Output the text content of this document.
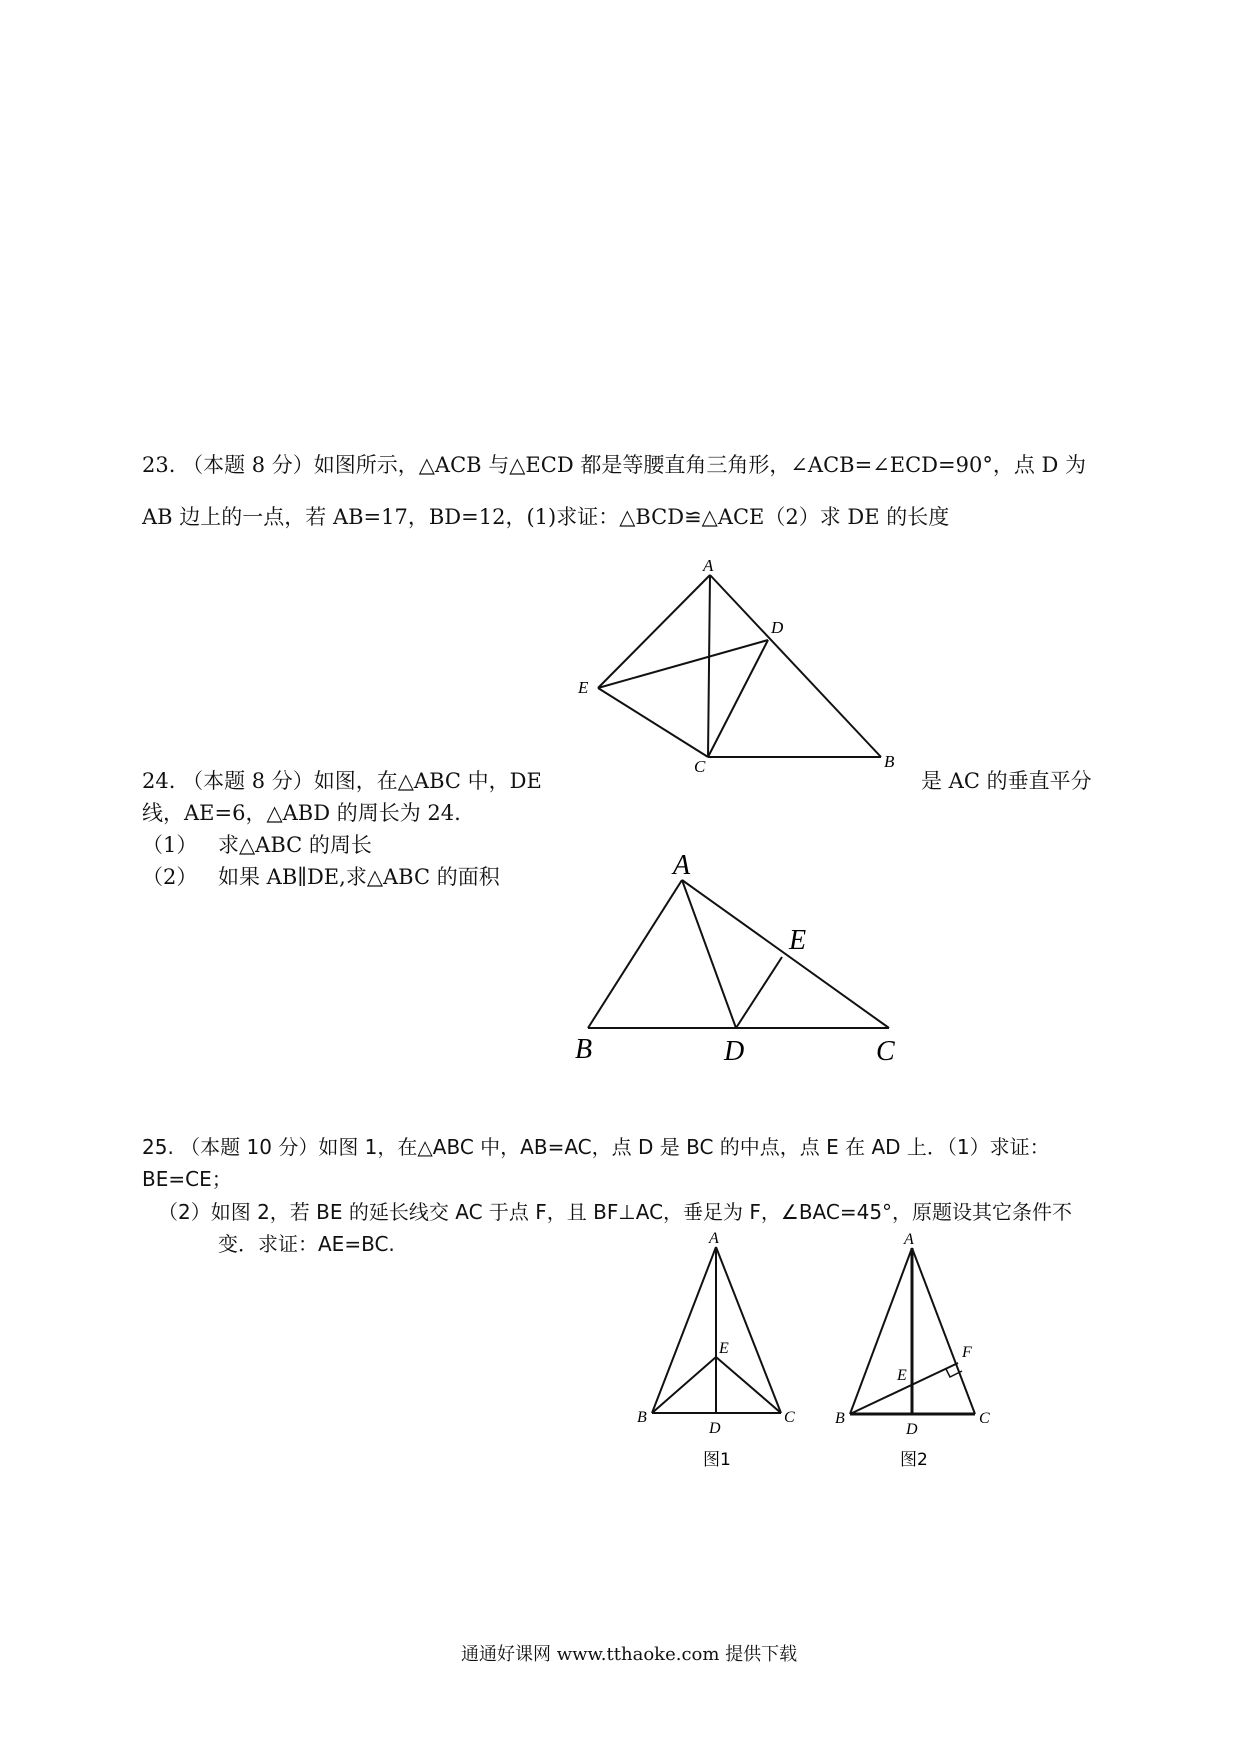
23. （本题 8 分）如图所示，△ACB 与△ECD 都是等腰直角三角形，∠ACB=∠ECD=90°，点 D 为
AB 边上的一点，若 AB=17，BD=12，(1)求证：△BCD≌△ACE（2）求 DE 的长度
A
D
E
C	B
24. （本题 8 分）如图，在△ABC 中，DE	是 AC 的垂直平分
线，AE=6，△ABD 的周长为 24.
（1） 求△ABC 的周长
（2） 如果 AB∥DE,求△ABC 的面积	A
E
B	D	C
25. （本题 10 分）如图 1，在△ABC 中，AB=AC，点 D 是 BC 的中点，点 E 在 AD 上．（1）求证：
BE=CE；
（2）如图 2，若 BE 的延长线交 AC 于点 F，且 BF⊥AC，垂足为 F，∠BAC=45°，原题设其它条件不
变．求证：AE=BC.	A
E
B	C
D
图1
A
F
E
B	C
D
图2
通通好课网 www.tthaoke.com 提供下载
